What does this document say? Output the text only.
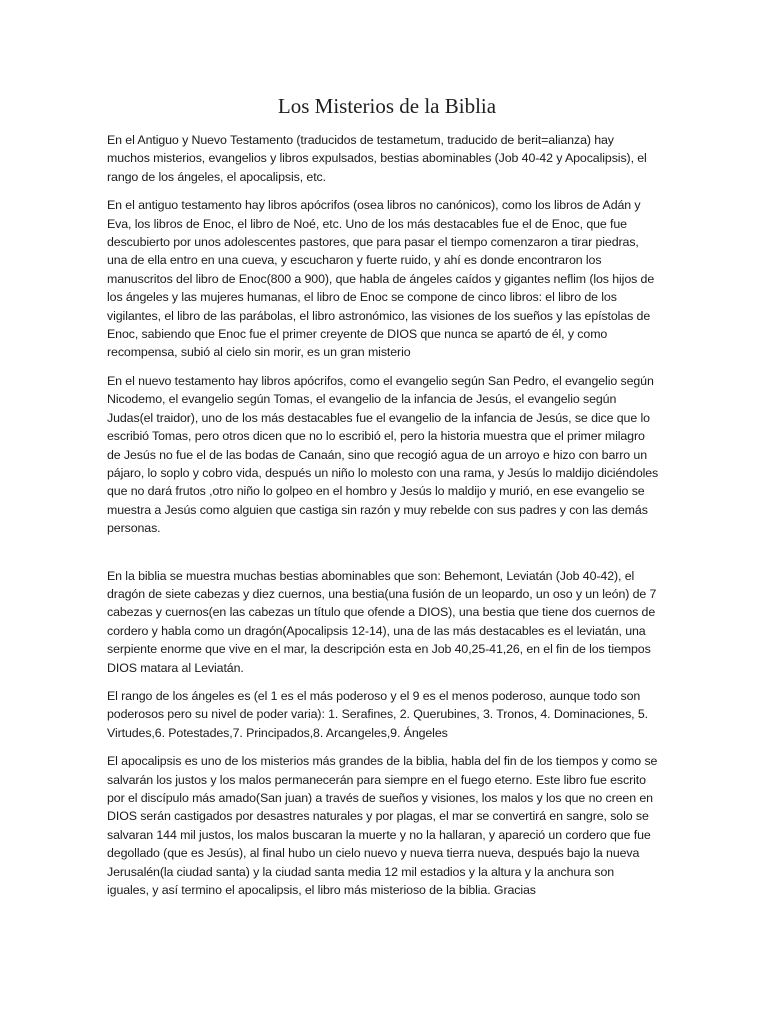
Los Misterios de la Biblia

En el Antiguo y Nuevo Testamento (traducidos de testametum, traducido de berit=alianza) hay muchos misterios, evangelios y libros expulsados, bestias abominables (Job 40-42 y Apocalipsis), el rango de los ángeles, el apocalipsis, etc.

En el antiguo testamento hay libros apócrifos (osea libros no canónicos), como los libros de Adán y Eva, los libros de Enoc, el libro de Noé, etc. Uno de los más destacables fue el de Enoc, que fue descubierto por unos adolescentes pastores, que para pasar el tiempo comenzaron a tirar piedras, una de ella entro en una cueva, y escucharon y fuerte ruido, y ahí es donde encontraron los manuscritos del libro de Enoc(800 a 900), que habla de ángeles caídos y gigantes neflim (los hijos de los ángeles y las mujeres humanas, el libro de Enoc se compone de cinco libros: el libro de los vigilantes, el libro de las parábolas, el libro astronómico, las visiones de los sueños y las epístolas de Enoc, sabiendo que Enoc fue el primer creyente de DIOS que nunca se apartó de él, y como recompensa, subió al cielo sin morir, es un gran misterio

En el nuevo testamento hay libros apócrifos, como el evangelio según San Pedro, el evangelio según Nicodemo, el evangelio según Tomas, el evangelio de la infancia de Jesús, el evangelio según Judas(el traidor), uno de los más destacables fue el evangelio de la infancia de Jesús, se dice que lo escribió Tomas, pero otros dicen que no lo escribió el, pero la historia muestra que el primer milagro de Jesús no fue el de las bodas de Canaán, sino que recogió agua de un arroyo e hizo con barro un pájaro, lo soplo y cobro vida, después un niño lo molesto con una rama, y Jesús lo maldijo diciéndoles que no dará frutos ,otro niño lo golpeo en el hombro y Jesús lo maldijo y murió, en ese evangelio se muestra a Jesús como alguien que castiga sin razón y muy rebelde con sus padres y con las demás personas.

En la biblia se muestra muchas bestias abominables que son: Behemont, Leviatán (Job 40-42), el dragón de siete cabezas y diez cuernos, una bestia(una fusión de un leopardo, un oso y un león) de 7 cabezas y cuernos(en las cabezas un título que ofende a DIOS), una bestia que tiene dos cuernos de cordero y habla como un dragón(Apocalipsis 12-14), una de las más destacables es el leviatán, una serpiente enorme que vive en el mar, la descripción esta en Job 40,25-41,26, en el fin de los tiempos DIOS matara al Leviatán.

El rango de los ángeles es (el 1 es el más poderoso y el 9 es el menos poderoso, aunque todo son poderosos pero su nivel de poder varia): 1. Serafines, 2. Querubines, 3. Tronos, 4. Dominaciones, 5. Virtudes,6. Potestades,7. Principados,8. Arcangeles,9. Ángeles

El apocalipsis es uno de los misterios más grandes de la biblia, habla del fin de los tiempos y como se salvarán los justos y los malos permanecerán para siempre en el fuego eterno. Este libro fue escrito por el discípulo más amado(San juan) a través de sueños y visiones, los malos y los que no creen en DIOS serán castigados por desastres naturales y por plagas, el mar se convertirá en sangre, solo se salvaran 144 mil justos, los malos buscaran la muerte y no la hallaran, y apareció un cordero que fue degollado (que es Jesús), al final hubo un cielo nuevo y nueva tierra nueva, después bajo la nueva Jerusalén(la ciudad santa) y la ciudad santa media 12 mil estadios y la altura y la anchura son iguales, y así termino el apocalipsis, el libro más misterioso de la biblia. Gracias
